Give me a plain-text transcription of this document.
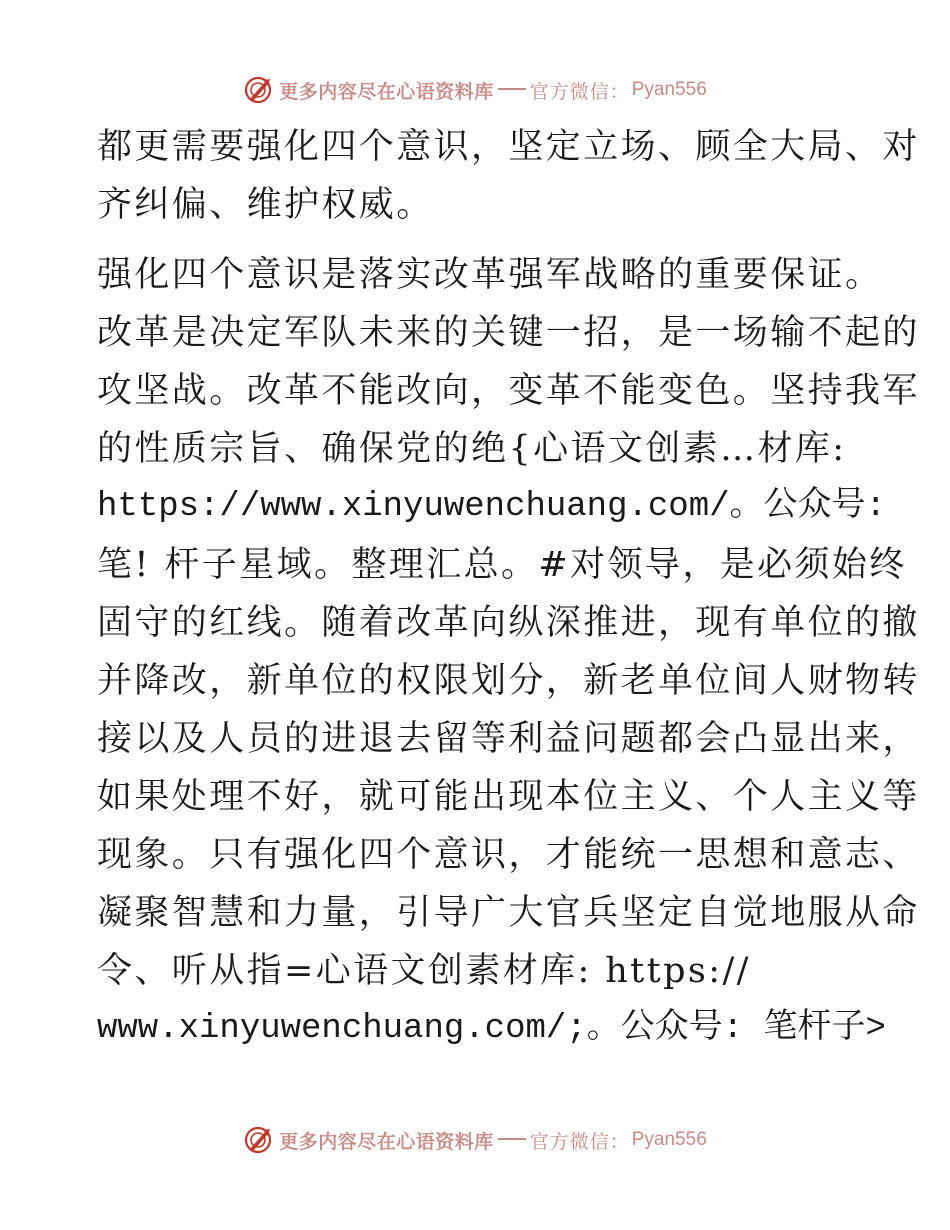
更多内容尽在心语资料库 官方微信： Pyan556

都更需要强化四个意识，坚定立场、顾全大局、对

齐纠偏、维护权威。

强化四个意识是落实改革强军战略的重要保证。

改革是决定军队未来的关键一招，是一场输不起的

攻坚战。改革不能改向，变革不能变色。坚持我军

的性质宗旨、确保党的绝{心语文创素…材库:

https://www.xinyuwenchuang.com/。公众号:

笔! 杆子星域。整理汇总。#对领导，是必须始终

固守的红线。随着改革向纵深推进，现有单位的撤

并降改，新单位的权限划分，新老单位间人财物转

接以及人员的进退去留等利益问题都会凸显出来，

如果处理不好，就可能出现本位主义、个人主义等

现象。只有强化四个意识，才能统一思想和意志、

凝聚智慧和力量，引导广大官兵坚定自觉地服从命

令、听从指=心语文创素材库: https://

www.xinyuwenchuang.com/;。公众号: 笔杆子>

更多内容尽在心语资料库 官方微信： Pyan556
